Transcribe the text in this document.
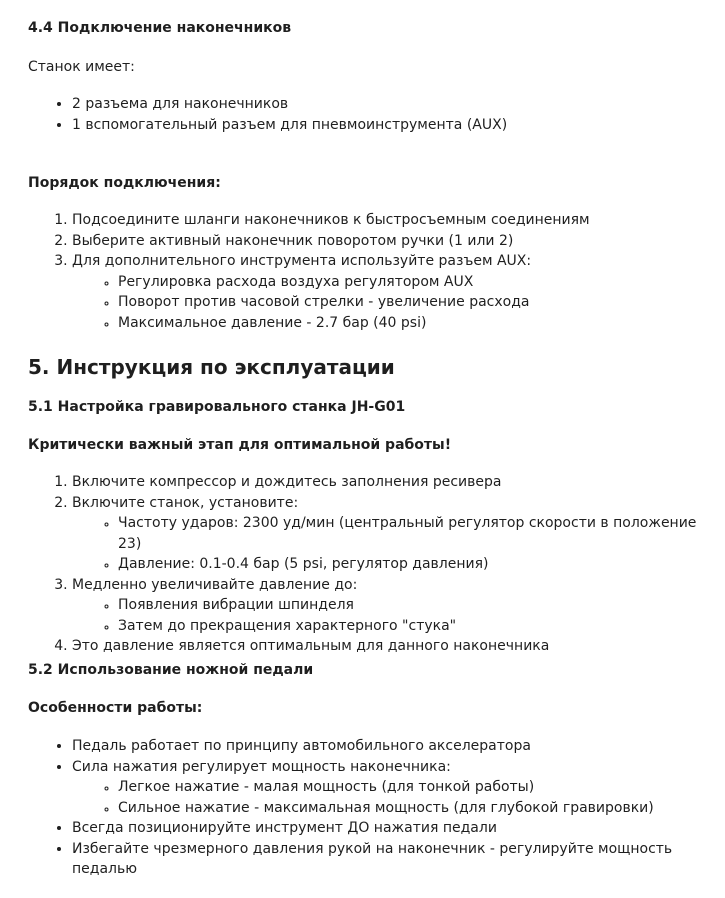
4.4 Подключение наконечников

Станок имеет:

• 2 разъема для наконечников
• 1 вспомогательный разъем для пневмоинструмента (AUX)

Порядок подключения:

1. Подсоедините шланги наконечников к быстросъемным соединениям
2. Выберите активный наконечник поворотом ручки (1 или 2)
3. Для дополнительного инструмента используйте разъем AUX:
◦ Регулировка расхода воздуха регулятором AUX
◦ Поворот против часовой стрелки - увеличение расхода
◦ Максимальное давление - 2.7 бар (40 psi)
5. Инструкция по эксплуатации
5.1 Настройка гравировального станка JH-G01

Критически важный этап для оптимальной работы!

1. Включите компрессор и дождитесь заполнения ресивера
2. Включите станок, установите:
◦ Частоту ударов: 2300 уд/мин (центральный регулятор скорости в положение 23)
◦ Давление: 0.1-0.4 бар (5 psi, регулятор давления)
3. Медленно увеличивайте давление до:
◦ Появления вибрации шпинделя
◦ Затем до прекращения характерного "стука"
4. Это давление является оптимальным для данного наконечника
5.2 Использование ножной педали

Особенности работы:

• Педаль работает по принципу автомобильного акселератора
• Сила нажатия регулирует мощность наконечника:
◦ Легкое нажатие - малая мощность (для тонкой работы)
◦ Сильное нажатие - максимальная мощность (для глубокой гравировки)
• Всегда позиционируйте инструмент ДО нажатия педали
• Избегайте чрезмерного давления рукой на наконечник - регулируйте мощность педалью
